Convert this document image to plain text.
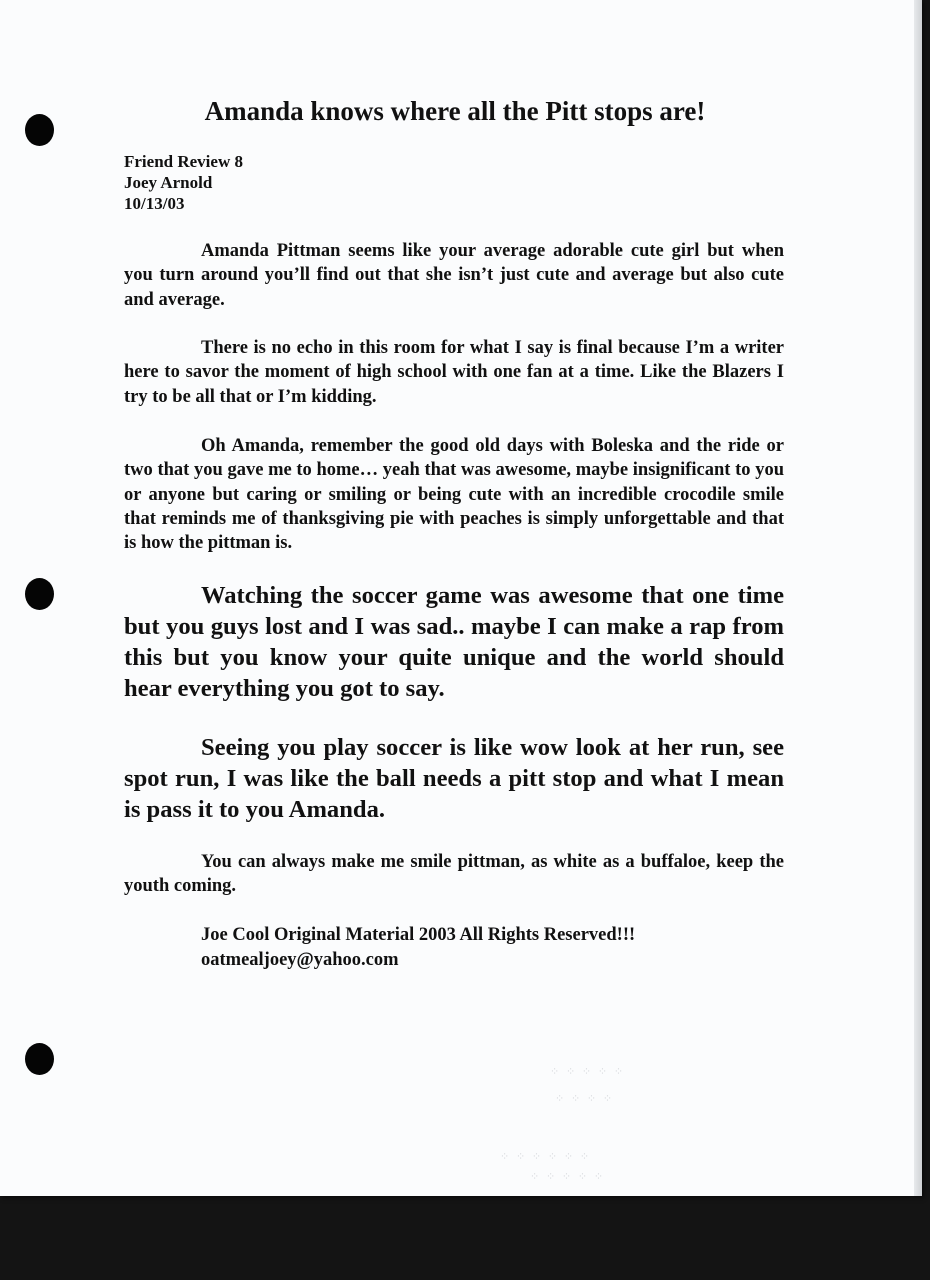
Amanda knows where all the Pitt stops are!
Friend Review 8
Joey Arnold
10/13/03

Amanda Pittman seems like your average adorable cute girl but when you turn around you’ll find out that she isn’t just cute and average but also cute and average.

There is no echo in this room for what I say is final because I’m a writer here to savor the moment of high school with one fan at a time. Like the Blazers I try to be all that or I’m kidding.

Oh Amanda, remember the good old days with Boleska and the ride or two that you gave me to home… yeah that was awesome, maybe insignificant to you or anyone but caring or smiling or being cute with an incredible crocodile smile that reminds me of thanksgiving pie with peaches is simply unforgettable and that is how the pittman is.

Watching the soccer game was awesome that one time but you guys lost and I was sad.. maybe I can make a rap from this but you know your quite unique and the world should hear everything you got to say.

Seeing you play soccer is like wow look at her run, see spot run, I was like the ball needs a pitt stop and what I mean is pass it to you Amanda.

You can always make me smile pittman, as white as a buffaloe, keep the youth coming.

Joe Cool Original Material 2003 All Rights Reserved!!!
oatmealjoey@yahoo.com
⁘ ⁘ ⁘ ⁘ ⁘
⁘ ⁘ ⁘ ⁘
⁘ ⁘ ⁘ ⁘ ⁘ ⁘
⁘ ⁘ ⁘ ⁘ ⁘
